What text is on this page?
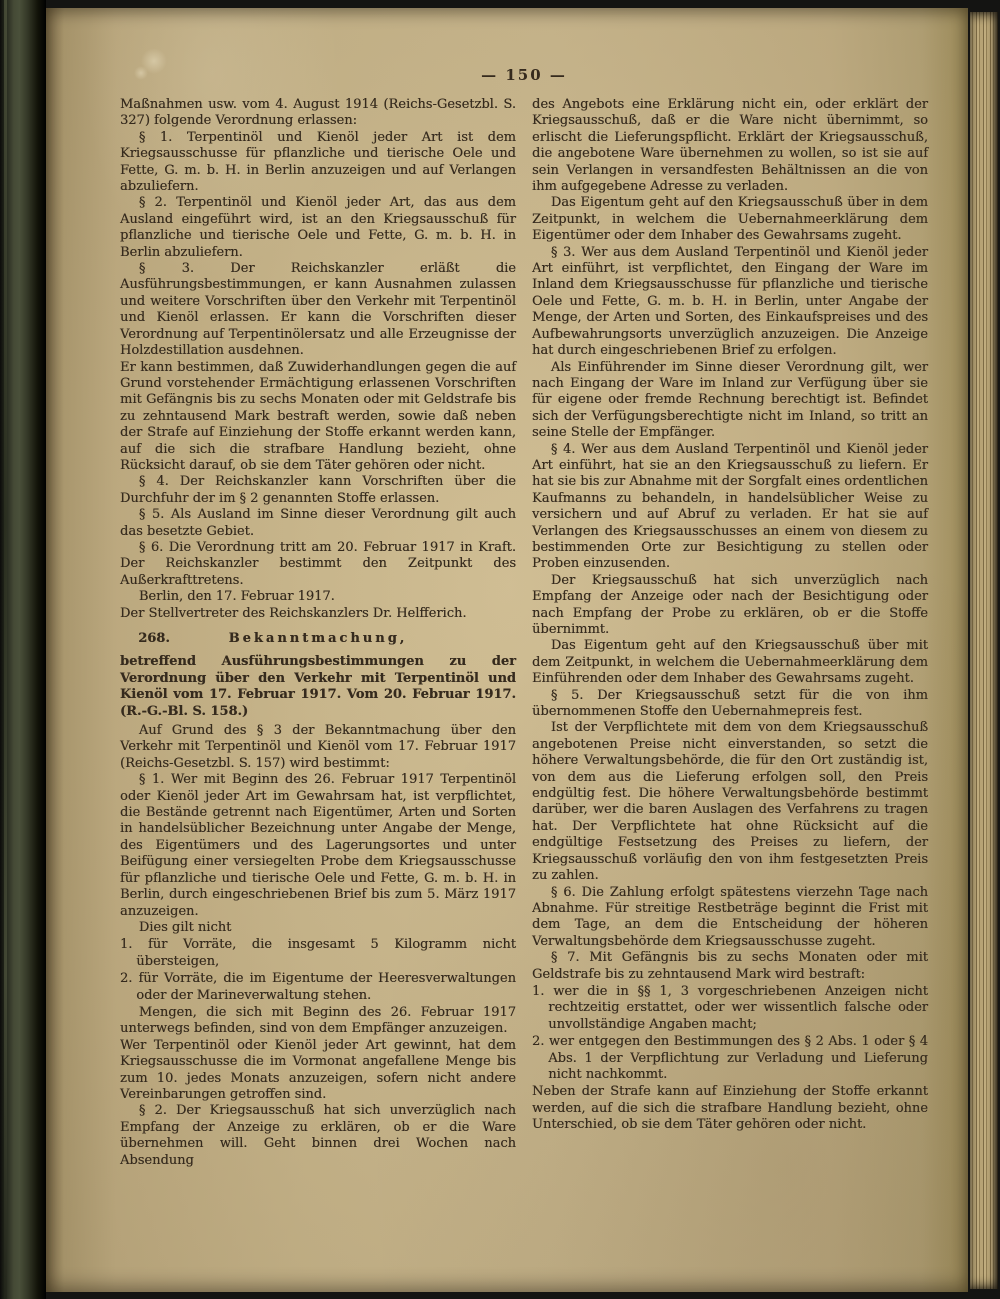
— 150 —

Maßnahmen usw. vom 4. August 1914 (Reichs-Gesetzbl. S. 327) folgende Verordnung erlassen:

§ 1. Terpentinöl und Kienöl jeder Art ist dem Kriegsausschusse für pflanzliche und tierische Oele und Fette, G. m. b. H. in Berlin anzuzeigen und auf Verlangen abzuliefern.

§ 2. Terpentinöl und Kienöl jeder Art, das aus dem Ausland eingeführt wird, ist an den Kriegsausschuß für pflanzliche und tierische Oele und Fette, G. m. b. H. in Berlin abzuliefern.

§ 3. Der Reichskanzler erläßt die Ausführungsbestimmungen, er kann Ausnahmen zulassen und weitere Vorschriften über den Verkehr mit Terpentinöl und Kienöl erlassen. Er kann die Vorschriften dieser Verordnung auf Terpentinölersatz und alle Erzeugnisse der Holzdestillation ausdehnen.

Er kann bestimmen, daß Zuwiderhandlungen gegen die auf Grund vorstehender Ermächtigung erlassenen Vorschriften mit Gefängnis bis zu sechs Monaten oder mit Geldstrafe bis zu zehntausend Mark bestraft werden, sowie daß neben der Strafe auf Einziehung der Stoffe erkannt werden kann, auf die sich die strafbare Handlung bezieht, ohne Rücksicht darauf, ob sie dem Täter gehören oder nicht.

§ 4. Der Reichskanzler kann Vorschriften über die Durchfuhr der im § 2 genannten Stoffe erlassen.

§ 5. Als Ausland im Sinne dieser Verordnung gilt auch das besetzte Gebiet.

§ 6. Die Verordnung tritt am 20. Februar 1917 in Kraft. Der Reichskanzler bestimmt den Zeitpunkt des Außerkrafttretens.

Berlin, den 17. Februar 1917.

Der Stellvertreter des Reichskanzlers Dr. Helfferich.

268.	Bekanntmachung,

betreffend Ausführungsbestimmungen zu der Verordnung über den Verkehr mit Terpentinöl und Kienöl vom 17. Februar 1917. Vom 20. Februar 1917. (R.-G.-Bl. S. 158.)

Auf Grund des § 3 der Bekanntmachung über den Verkehr mit Terpentinöl und Kienöl vom 17. Februar 1917 (Reichs-Gesetzbl. S. 157) wird bestimmt:

§ 1. Wer mit Beginn des 26. Februar 1917 Terpentinöl oder Kienöl jeder Art im Gewahrsam hat, ist verpflichtet, die Bestände getrennt nach Eigentümer, Arten und Sorten in handelsüblicher Bezeichnung unter Angabe der Menge, des Eigentümers und des Lagerungsortes und unter Beifügung einer versiegelten Probe dem Kriegsausschusse für pflanzliche und tierische Oele und Fette, G. m. b. H. in Berlin, durch eingeschriebenen Brief bis zum 5. März 1917 anzuzeigen.

Dies gilt nicht

1. für Vorräte, die insgesamt 5 Kilogramm nicht übersteigen,

2. für Vorräte, die im Eigentume der Heeresverwaltungen oder der Marineverwaltung stehen.

Mengen, die sich mit Beginn des 26. Februar 1917 unterwegs befinden, sind von dem Empfänger anzuzeigen.

Wer Terpentinöl oder Kienöl jeder Art gewinnt, hat dem Kriegsausschusse die im Vormonat angefallene Menge bis zum 10. jedes Monats anzuzeigen, sofern nicht andere Vereinbarungen getroffen sind.

§ 2. Der Kriegsausschuß hat sich unverzüglich nach Empfang der Anzeige zu erklären, ob er die Ware übernehmen will. Geht binnen drei Wochen nach Absendung

des Angebots eine Erklärung nicht ein, oder erklärt der Kriegsausschuß, daß er die Ware nicht übernimmt, so erlischt die Lieferungspflicht. Erklärt der Kriegsausschuß, die angebotene Ware übernehmen zu wollen, so ist sie auf sein Verlangen in versandfesten Behältnissen an die von ihm aufgegebene Adresse zu verladen.

Das Eigentum geht auf den Kriegsausschuß über in dem Zeitpunkt, in welchem die Uebernahmeerklärung dem Eigentümer oder dem Inhaber des Gewahrsams zugeht.

§ 3. Wer aus dem Ausland Terpentinöl und Kienöl jeder Art einführt, ist verpflichtet, den Eingang der Ware im Inland dem Kriegsausschusse für pflanzliche und tierische Oele und Fette, G. m. b. H. in Berlin, unter Angabe der Menge, der Arten und Sorten, des Einkaufspreises und des Aufbewahrungsorts unverzüglich anzuzeigen. Die Anzeige hat durch eingeschriebenen Brief zu erfolgen.

Als Einführender im Sinne dieser Verordnung gilt, wer nach Eingang der Ware im Inland zur Verfügung über sie für eigene oder fremde Rechnung berechtigt ist. Befindet sich der Verfügungsberechtigte nicht im Inland, so tritt an seine Stelle der Empfänger.

§ 4. Wer aus dem Ausland Terpentinöl und Kienöl jeder Art einführt, hat sie an den Kriegsausschuß zu liefern. Er hat sie bis zur Abnahme mit der Sorgfalt eines ordentlichen Kaufmanns zu behandeln, in handelsüblicher Weise zu versichern und auf Abruf zu verladen. Er hat sie auf Verlangen des Kriegsausschusses an einem von diesem zu bestimmenden Orte zur Besichtigung zu stellen oder Proben einzusenden.

Der Kriegsausschuß hat sich unverzüglich nach Empfang der Anzeige oder nach der Besichtigung oder nach Empfang der Probe zu erklären, ob er die Stoffe übernimmt.

Das Eigentum geht auf den Kriegsausschuß über mit dem Zeitpunkt, in welchem die Uebernahmeerklärung dem Einführenden oder dem Inhaber des Gewahrsams zugeht.

§ 5. Der Kriegsausschuß setzt für die von ihm übernommenen Stoffe den Uebernahmepreis fest.

Ist der Verpflichtete mit dem von dem Kriegsausschuß angebotenen Preise nicht einverstanden, so setzt die höhere Verwaltungsbehörde, die für den Ort zuständig ist, von dem aus die Lieferung erfolgen soll, den Preis endgültig fest. Die höhere Verwaltungsbehörde bestimmt darüber, wer die baren Auslagen des Verfahrens zu tragen hat. Der Verpflichtete hat ohne Rücksicht auf die endgültige Festsetzung des Preises zu liefern, der Kriegsausschuß vorläufig den von ihm festgesetzten Preis zu zahlen.

§ 6. Die Zahlung erfolgt spätestens vierzehn Tage nach Abnahme. Für streitige Restbeträge beginnt die Frist mit dem Tage, an dem die Entscheidung der höheren Verwaltungsbehörde dem Kriegsausschusse zugeht.

§ 7. Mit Gefängnis bis zu sechs Monaten oder mit Geldstrafe bis zu zehntausend Mark wird bestraft:

1. wer die in §§ 1, 3 vorgeschriebenen Anzeigen nicht rechtzeitig erstattet, oder wer wissentlich falsche oder unvollständige Angaben macht;

2. wer entgegen den Bestimmungen des § 2 Abs. 1 oder § 4 Abs. 1 der Verpflichtung zur Verladung und Lieferung nicht nachkommt.

Neben der Strafe kann auf Einziehung der Stoffe erkannt werden, auf die sich die strafbare Handlung bezieht, ohne Unterschied, ob sie dem Täter gehören oder nicht.
